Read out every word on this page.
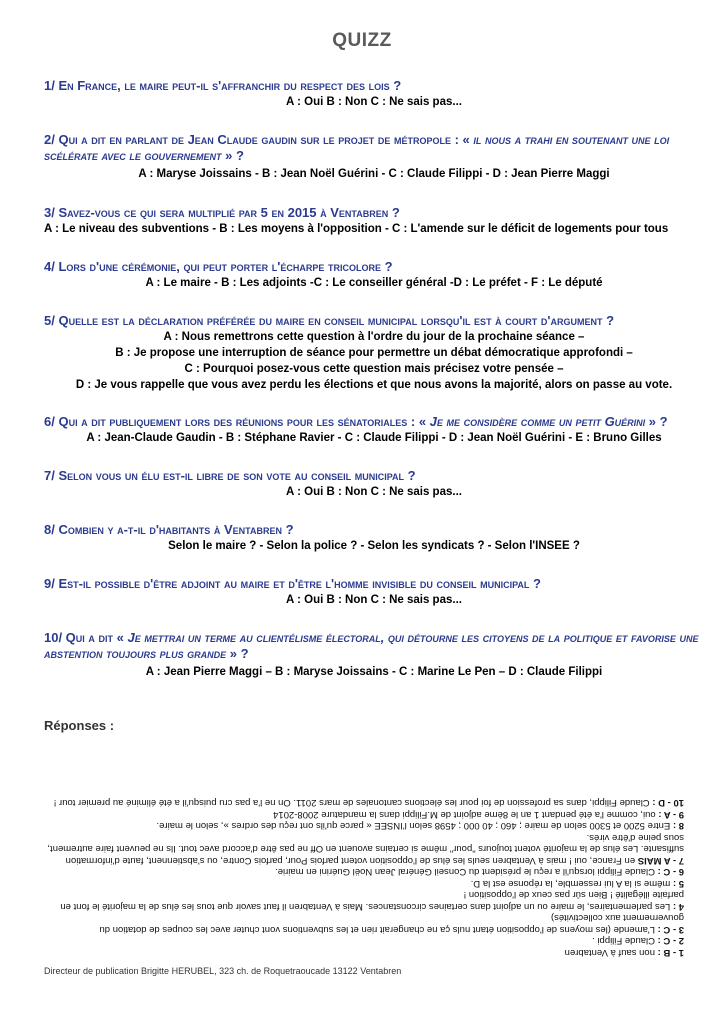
QUIZZ
1/ En France, le maire peut-il s'affranchir du respect des lois ?
A : Oui B : Non C : Ne sais pas...
2/ Qui a dit en parlant de Jean Claude gaudin sur le projet de métropole : « il nous a trahi en soutenant une loi scélérate avec le gouvernement » ?
A : Maryse Joissains - B : Jean Noël Guérini - C : Claude Filippi - D : Jean Pierre Maggi
3/ Savez-vous ce qui sera multiplié par 5 en 2015 à Ventabren ?
A : Le niveau des subventions - B : Les moyens à l'opposition - C : L'amende sur le déficit de logements pour tous
4/ Lors d'une cérémonie, qui peut porter l'écharpe tricolore ?
A : Le maire - B : Les adjoints -C : Le conseiller général -D : Le préfet - F : Le député
5/ Quelle est la déclaration préférée du maire en conseil municipal lorsqu'il est à court d'argument ?
A : Nous remettrons cette question à l'ordre du jour de la prochaine séance –
B : Je propose une interruption de séance pour permettre un débat démocratique approfondi –
C : Pourquoi posez-vous cette question mais précisez votre pensée –
D : Je vous rappelle que vous avez perdu les élections et que nous avons la majorité, alors on passe au vote.
6/ Qui a dit publiquement lors des réunions pour les sénatoriales : « Je me considère comme un petit Guérini » ?
A : Jean-Claude Gaudin - B : Stéphane Ravier - C : Claude Filippi - D : Jean Noël Guérini - E : Bruno Gilles
7/ Selon vous un élu est-il libre de son vote au conseil municipal ?
A : Oui B : Non C : Ne sais pas...
8/ Combien y a-t-il d'habitants à Ventabren ?
Selon le maire ? - Selon la police ? - Selon les syndicats ? - Selon l'INSEE ?
9/ Est-il possible d'être adjoint au maire et d'être l'homme invisible du conseil municipal ?
A : Oui B : Non C : Ne sais pas...
10/ Qui a dit « Je mettrai un terme au clientélisme électoral, qui détourne les citoyens de la politique et favorise une abstention toujours plus grande » ?
A : Jean Pierre Maggi – B : Maryse Joissains - C : Marine Le Pen – D : Claude Filippi
Réponses :

1 - B : non sauf à Ventabren

2 - C : Claude Filippi .

3 - C : L'amende (les moyens de l'opposition étant nuls ça ne changerait rien et les subventions vont chuter avec les coupes de dotation du gouvernement aux collectivités)

4 : Les parlementaires, le maire ou un adjoint dans certaines circonstances. Mais à Ventabren il faut savoir que tous les élus de la majorité le font en parfaite illégalité ! Bien sûr pas ceux de l'opposition !

5 : même si la A lui ressemble, la réponse est la D.

6 - C : Claude Filippi lorsqu'il a reçu le président du Conseil Général Jean Noël Guérini en mairie.

7 - A MAIS en France, oui ! mais à Ventabren seuls les élus de l'opposition votent parfois Pour, parfois Contre, ou s'abstiennent, faute d'information suffisante. Les élus de la majorité votent toujours "pour" même si certains avouent en Off ne pas être d'accord avec tout. Ils ne peuvent faire autrement, sous peine d'être virés.

8 : Entre 5200 et 5300 selon de maire ; 460 ; 40 000 ; 4598 selon l'INSEE « parce qu'ils ont reçu des ordres », selon le maire.

9 - A : oui, comme l'a été pendant 1 an le 8ème adjoint de M.Filippi dans la mandature 2008-2014

10 - D : Claude Filippi, dans sa profession de foi pour les élections cantonales de mars 2011. On ne l'a pas cru puisqu'il a été éliminé au premier tour !

Directeur de publication Brigitte HERUBEL, 323 ch. de Roquetraoucade 13122 Ventabren
